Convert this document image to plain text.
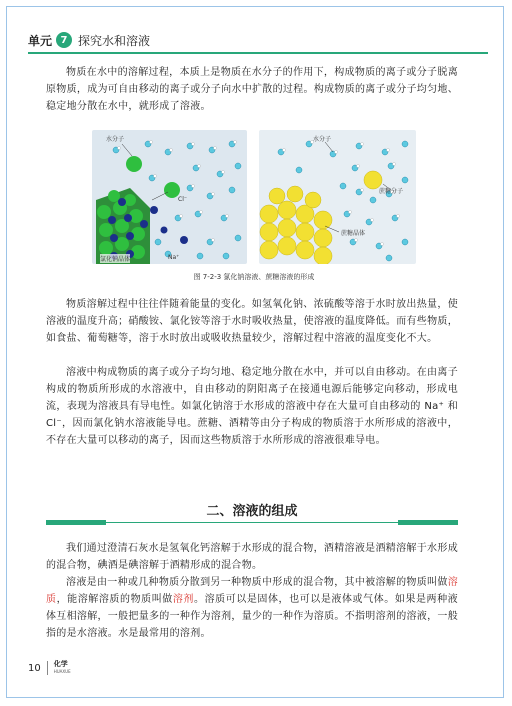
单元 7 探究水和溶液

物质在水中的溶解过程，本质上是物质在水分子的作用下，构成物质的离子或分子脱离原物质，成为可自由移动的离子或分子向水中扩散的过程。构成物质的离子或分子均匀地、稳定地分散在水中，就形成了溶液。

水分子
Cl⁻
氯化钠晶体	Na⁺
水分子
蔗糖分子
蔗糖晶体
图 7-2-3 氯化钠溶液、蔗糖溶液的形成

物质溶解过程中往往伴随着能量的变化。如氢氧化钠、浓硫酸等溶于水时放出热量，使溶液的温度升高；硝酸铵、氯化铵等溶于水时吸收热量，使溶液的温度降低。而有些物质，如食盐、葡萄糖等，溶于水时放出或吸收热量较少，溶解过程中溶液的温度变化不大。

溶液中构成物质的离子或分子均匀地、稳定地分散在水中，并可以自由移动。在由离子构成的物质所形成的水溶液中，自由移动的阴阳离子在接通电源后能够定向移动，形成电流，表现为溶液具有导电性。如氯化钠溶于水形成的溶液中存在大量可自由移动的 Na⁺ 和 Cl⁻，因而氯化钠水溶液能导电。蔗糖、酒精等由分子构成的物质溶于水所形成的溶液中，不存在大量可以移动的离子，因而这些物质溶于水所形成的溶液很难导电。

二、溶液的组成

我们通过澄清石灰水是氢氧化钙溶解于水形成的混合物，酒精溶液是酒精溶解于水形成的混合物，碘酒是碘溶解于酒精形成的混合物。

溶液是由一种或几种物质分散到另一种物质中形成的混合物，其中被溶解的物质叫做溶质，能溶解溶质的物质叫做溶剂。溶质可以是固体，也可以是液体或气体。如果是两种液体互相溶解，一般把量多的一种作为溶剂，量少的一种作为溶质。不指明溶剂的溶液，一般指的是水溶液。水是最常用的溶剂。

10 化学
HUAXUE
